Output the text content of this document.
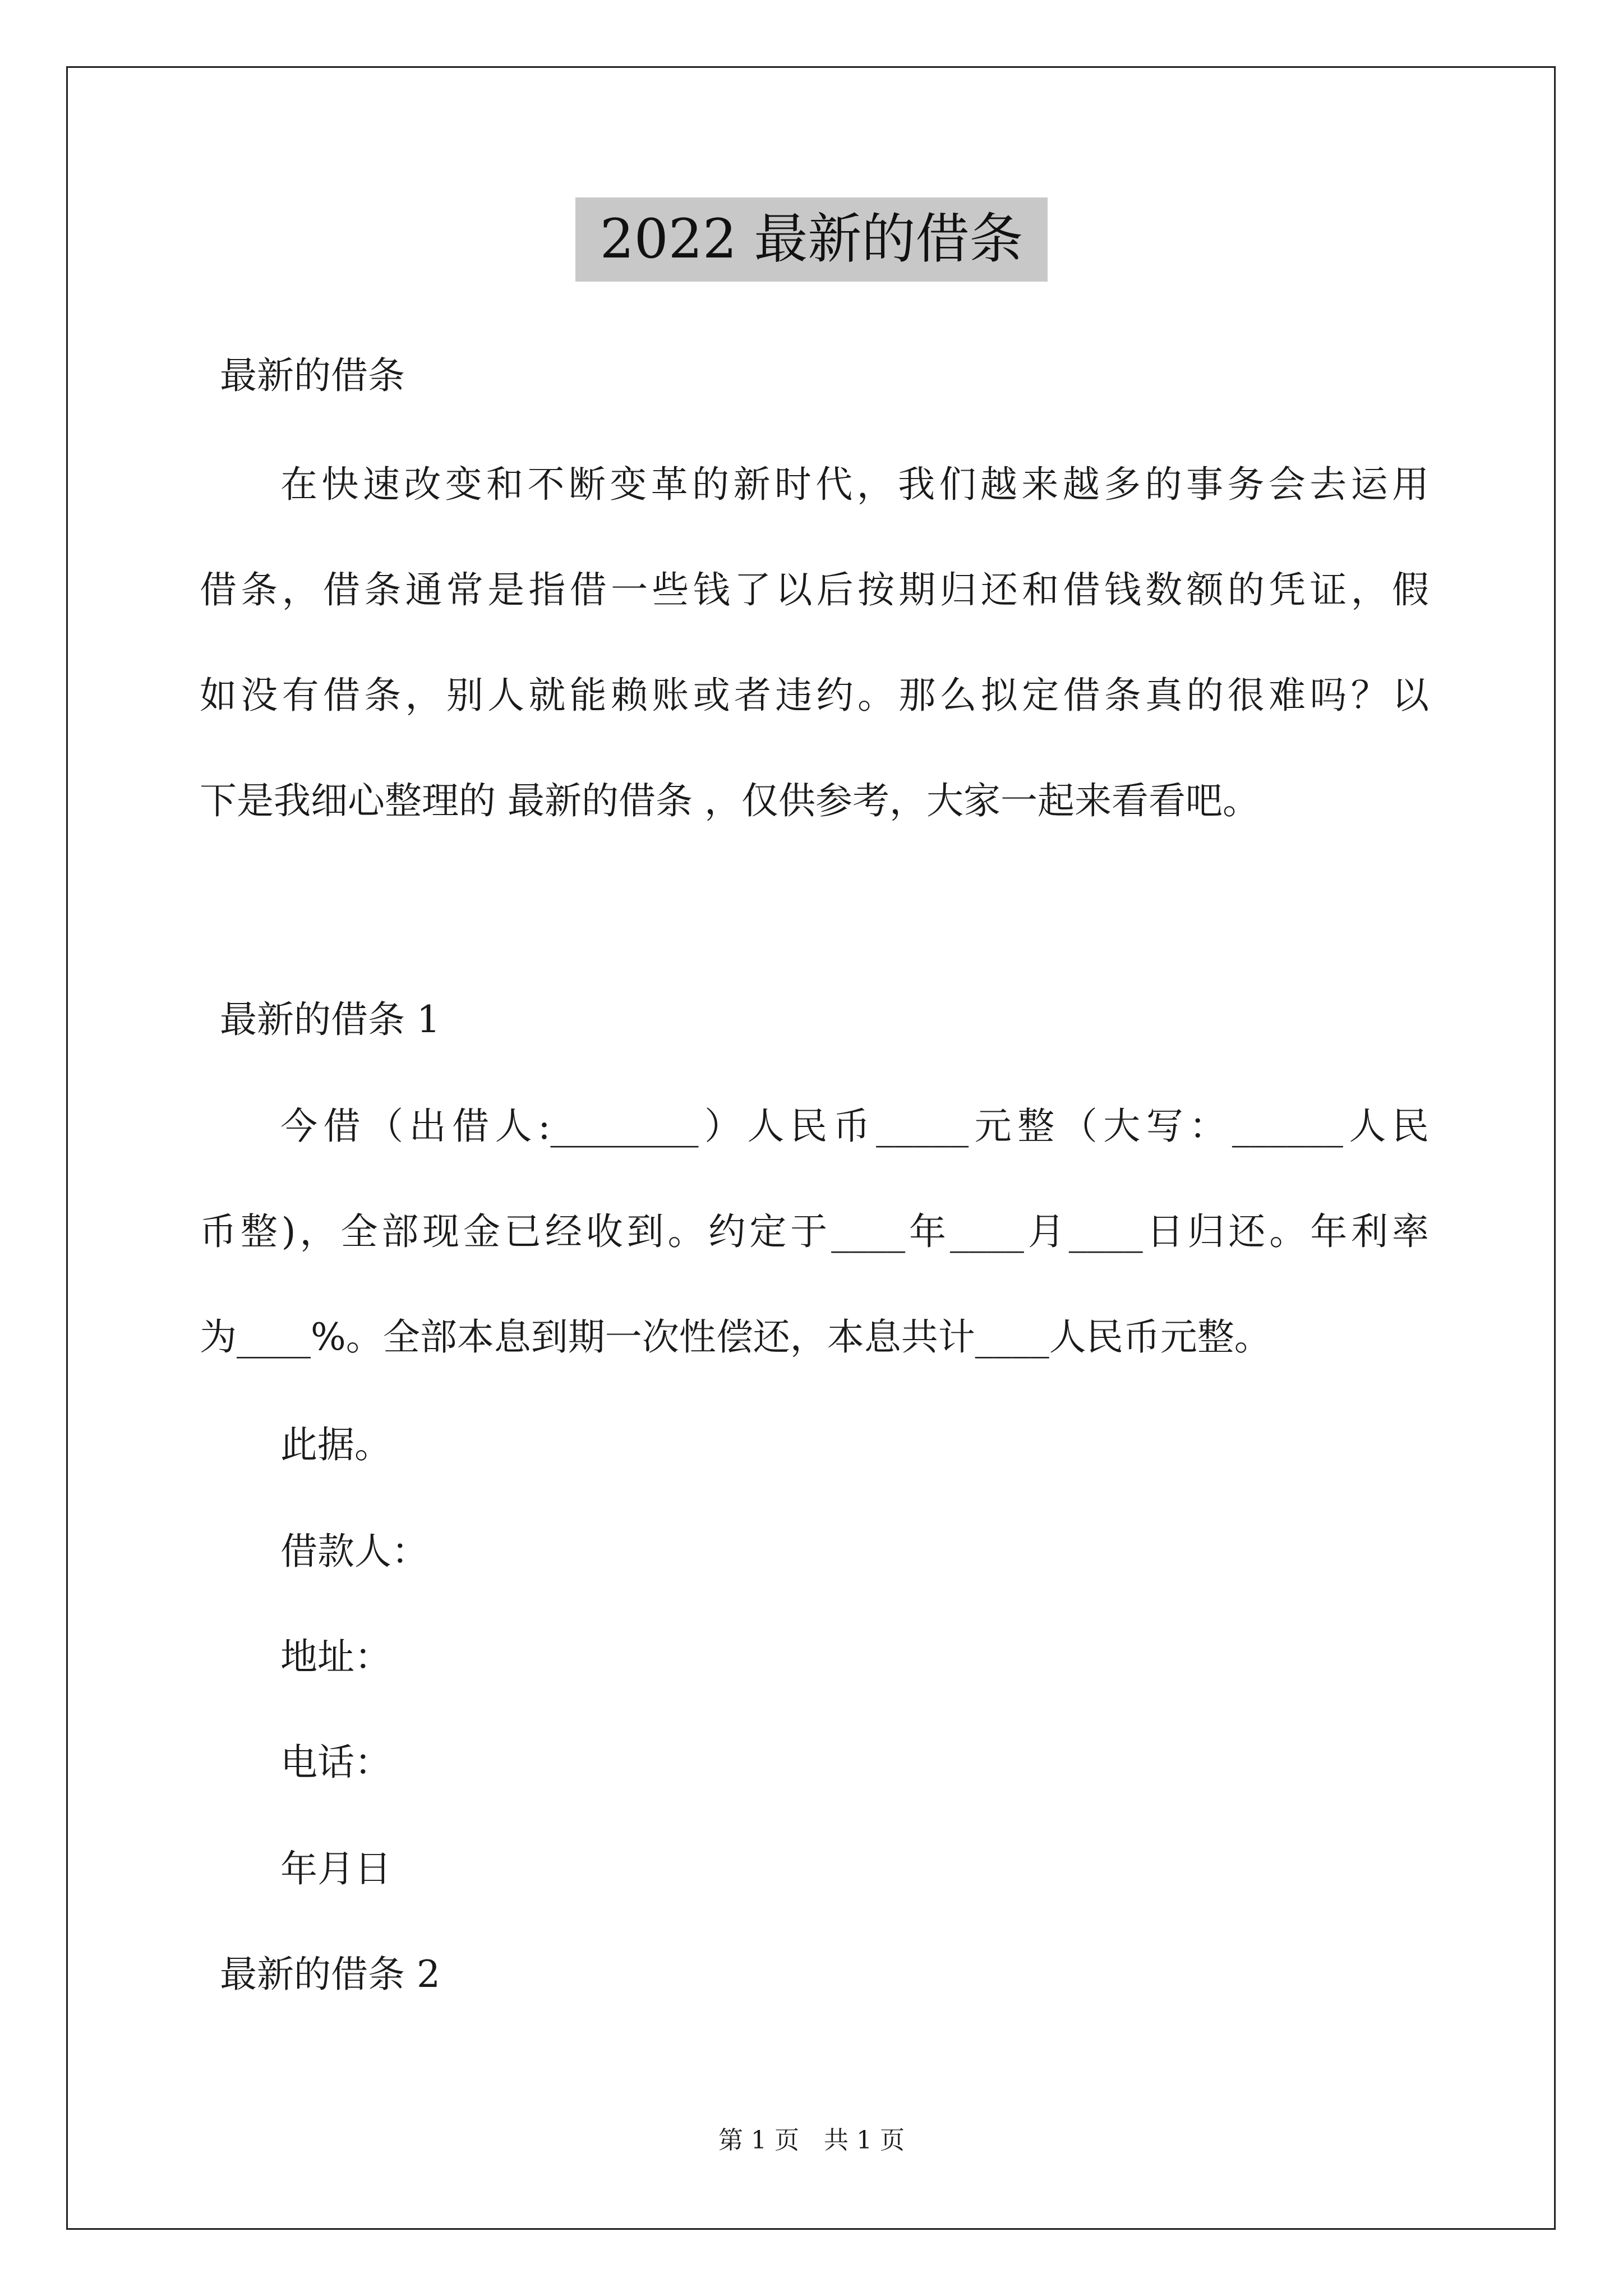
2022 最新的借条
最新的借条
在快速改变和不断变革的新时代，我们越来越多的事务会去运用
借条，借条通常是指借一些钱了以后按期归还和借钱数额的凭证，假
如没有借条，别人就能赖账或者违约。那么拟定借条真的很难吗？以
下是我细心整理的 最新的借条 ，仅供参考，大家一起来看看吧。
最新的借条 1
今借（出借人:________）人民币_____元整（大写：______人民
币整)，全部现金已经收到。约定于____年____月____日归还。年利率
为____%。全部本息到期一次性偿还，本息共计____人民币元整。
此据。
借款人：
地址：
电话：
年月日
最新的借条 2
第 1 页　共 1 页
